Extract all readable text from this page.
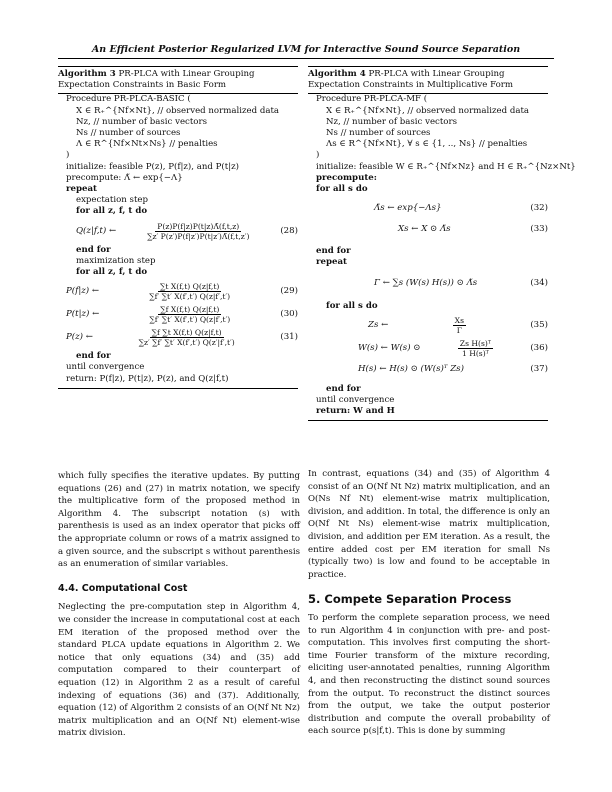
An Efficient Posterior Regularized LVM for Interactive Sound Source Separation
Algorithm 3 PR-PLCA with Linear Grouping Expectation Constraints in Basic Form
Procedure PR-PLCA-BASIC (
X ∈ R₊^{Nf×Nt}, // observed normalized data
Nz, // number of basic vectors
Ns // number of sources
Λ ∈ R^{Nf×Nt×Ns} // penalties
)
initialize: feasible P(z), P(f|z), and P(t|z)
precompute: Λ̃ ← exp{−Λ}
repeat
expectation step
for all z, f, t do
Q(z|f,t) ←	$\frac{P(z)P(f|z)P(t|z)\Lambdã(f,t,z)}{\sum z' P(z')P(f|z')P(t|z')\Lambdã(f,t,z')}$	(28)
end for
maximization step
for all z, f, t do
P(f|z) ←	$\frac{\text{∑t X(f,t) Q(z|f,t)}}{\sum f' \sum t' X(f',t') Q(z|f',t')}$	(29)
P(t|z) ←	$\frac{\text{∑f X(f,t) Q(z|f,t)}}{\sum f' \sum t' X(f',t') Q(z|f',t')}$	(30)
P(z) ←	$\frac{\text{∑f ∑t X(f,t) Q(z|f,t)}}{\sum z' \sum f' \sum t' X(f',t') Q(z'|f',t')}$	(31)
end for
until convergence
return: P(f|z), P(t|z), P(z), and Q(z|f,t)
Algorithm 4 PR-PLCA with Linear Grouping Expectation Constraints in Multiplicative Form
Procedure PR-PLCA-MF (
X ∈ R₊^{Nf×Nt}, // observed normalized data
Nz, // number of basic vectors
Ns // number of sources
Λs ∈ R^{Nf×Nt}, ∀ s ∈ {1, .., Ns} // penalties
)
initialize: feasible W ∈ R₊^{Nf×Nz} and H ∈ R₊^{Nz×Nt}
precompute:
for all s do
Λ̃s ← exp{−Λs}	(32)
Xs ← X ⊙ Λ̃s	(33)
end for
repeat
Γ ← ∑s (W(s) H(s)) ⊙ Λ̃s	(34)
for all s do
Zs ←	$\frac{Xs}{\Gamma}$	(35)
W(s) ← W(s) ⊙	$\frac{\text{Zs H(s)ᵀ}}{\text{1 H(s)ᵀ}}$	(36)
H(s) ← H(s) ⊙ (W(s)ᵀ Zs)	(37)
end for
until convergence
return: W and H

which fully specifies the iterative updates. By putting equations (26) and (27) in matrix notation, we specify the multiplicative form of the proposed method in Algorithm 4. The subscript notation (s) with parenthesis is used as an index operator that picks off the appropriate column or rows of a matrix assigned to a given source, and the subscript s without parenthesis as an enumeration of similar variables.

4.4. Computational Cost

Neglecting the pre-computation step in Algorithm 4, we consider the increase in computational cost at each EM iteration of the proposed method over the standard PLCA update equations in Algorithm 2. We notice that only equations (34) and (35) add computation compared to their counterpart of equation (12) in Algorithm 2 as a result of careful indexing of equations (36) and (37). Additionally, equation (12) of Algorithm 2 consists of an O(Nf Nt Nz) matrix multiplication and an O(Nf Nt) element-wise matrix division.

In contrast, equations (34) and (35) of Algorithm 4 consist of an O(Nf Nt Nz) matrix multiplication, and an O(Ns Nf Nt) element-wise matrix multiplication, division, and addition. In total, the difference is only an O(Nf Nt Ns) element-wise matrix multiplication, division, and addition per EM iteration. As a result, the entire added cost per EM iteration for small Ns (typically two) is low and found to be acceptable in practice.

5. Compete Separation Process

To perform the complete separation process, we need to run Algorithm 4 in conjunction with pre- and post-computation. This involves first computing the short-time Fourier transform of the mixture recording, eliciting user-annotated penalties, running Algorithm 4, and then reconstructing the distinct sound sources from the output. To reconstruct the distinct sources from the output, we take the output posterior distribution and compute the overall probability of each source p(s|f,t). This is done by summing
